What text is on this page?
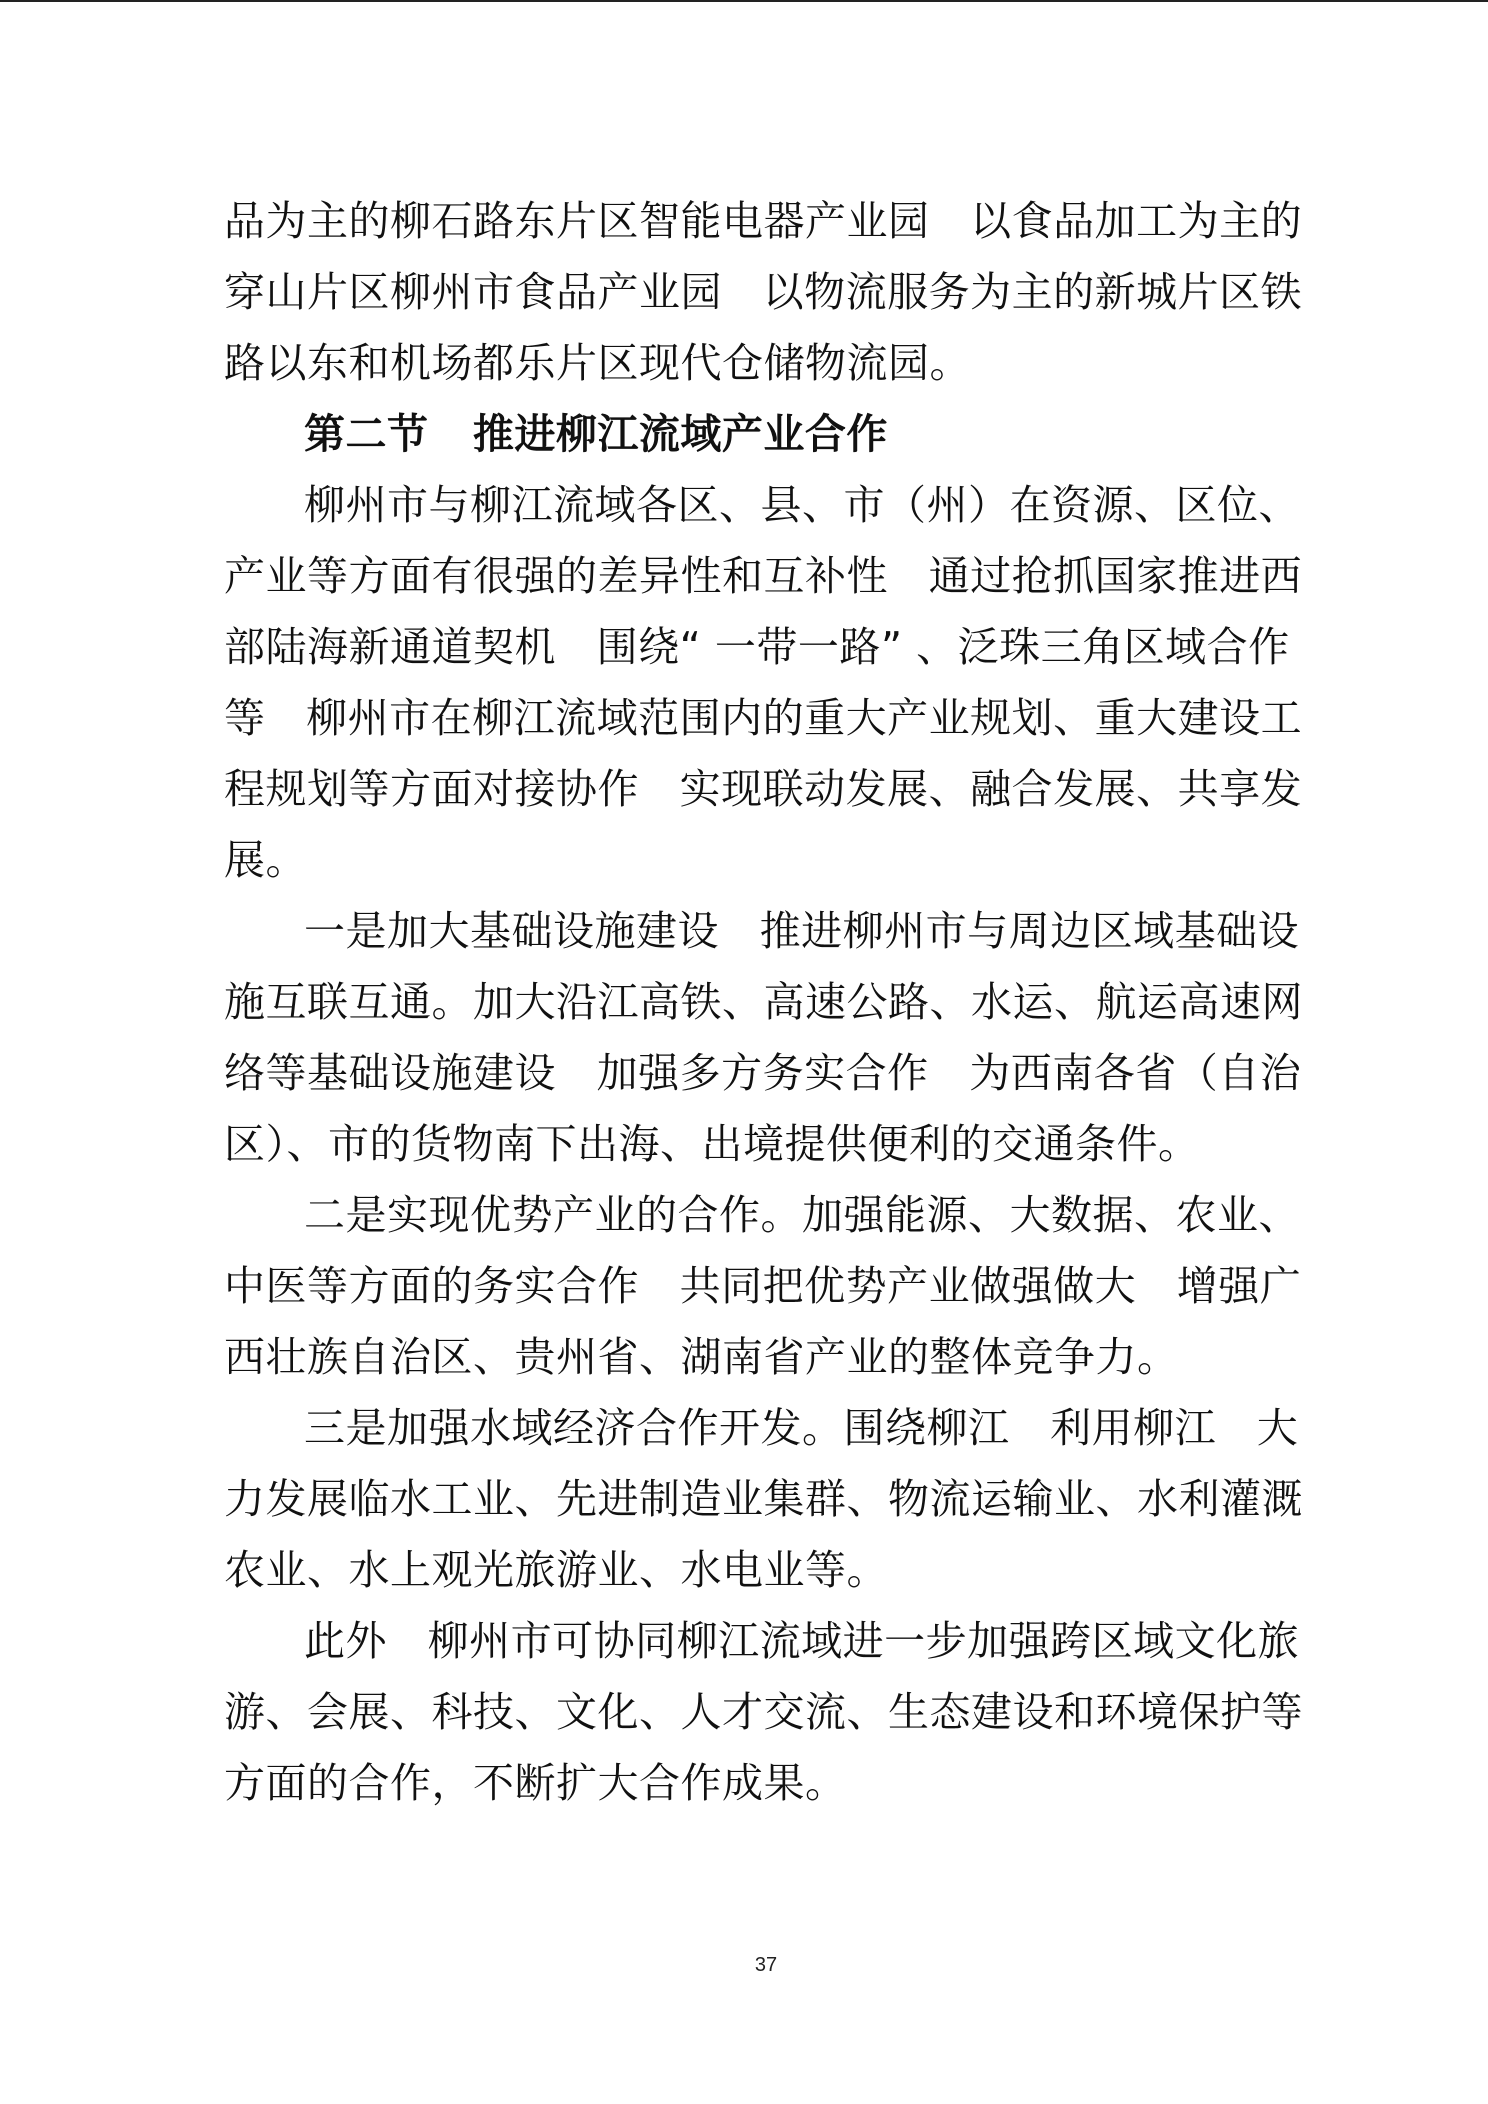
品为主的柳石路东片区智能电器产业园   以食品加工为主的
穿山片区柳州市食品产业园   以物流服务为主的新城片区铁
路以东和机场都乐片区现代仓储物流园。
第二节   推进柳江流域产业合作
柳州市与柳江流域各区、县、市（州）在资源、区位、
产业等方面有很强的差异性和互补性   通过抢抓国家推进西
部陆海新通道契机   围绕“ 一带一路” 、泛珠三角区域合作
等   柳州市在柳江流域范围内的重大产业规划、重大建设工
程规划等方面对接协作   实现联动发展、融合发展、共享发
展。
一是加大基础设施建设   推进柳州市与周边区域基础设
施互联互通。加大沿江高铁、高速公路、水运、航运高速网
络等基础设施建设   加强多方务实合作   为西南各省（自治
区）、市的货物南下出海、出境提供便利的交通条件。
二是实现优势产业的合作。加强能源、大数据、农业、
中医等方面的务实合作   共同把优势产业做强做大   增强广
西壮族自治区、贵州省、湖南省产业的整体竞争力。
三是加强水域经济合作开发。围绕柳江   利用柳江   大
力发展临水工业、先进制造业集群、物流运输业、水利灌溉
农业、水上观光旅游业、水电业等。
此外   柳州市可协同柳江流域进一步加强跨区域文化旅
游、会展、科技、文化、人才交流、生态建设和环境保护等
方面的合作，不断扩大合作成果。
37
